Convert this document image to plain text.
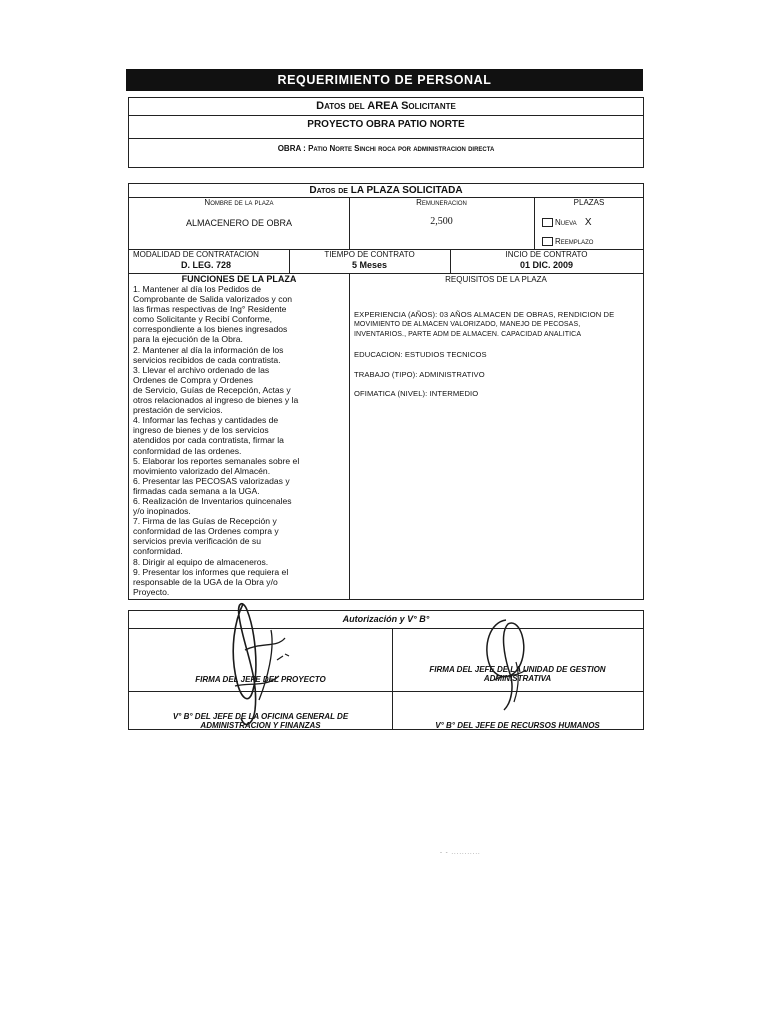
REQUERIMIENTO DE PERSONAL
Datos del AREA Solicitante
PROYECTO OBRA PATIO NORTE
OBRA : Patio Norte Sinchi roca por administracion directa
Datos de LA PLAZA SOLICITADA
Nombre de la plaza
ALMACENERO DE OBRA
Remuneracion
2,500
PLAZAS
Nueva X
Reemplazo
MODALIDAD DE CONTRATACION
D. LEG. 728
TIEMPO DE CONTRATO
5 Meses
INCIO DE CONTRATO
01 DIC. 2009
FUNCIONES DE LA PLAZA
1. Mantener al día los Pedidos de
Comprobante de Salida valorizados y con
las firmas respectivas de Ing° Residente
como Solicitante y Recibí Conforme,
correspondiente a los bienes ingresados
para la ejecución de la Obra.
2. Mantener al día la información de los
servicios recibidos de cada contratista.
3. Llevar el archivo ordenado de las
Ordenes de Compra y Ordenes
de Servicio, Guías de Recepción, Actas y
otros relacionados al ingreso de bienes y la
prestación de servicios.
4. Informar las fechas y cantidades de
ingreso de bienes y de los servicios
atendidos por cada contratista, firmar la
conformidad de las ordenes.
5. Elaborar los reportes semanales sobre el
movimiento valorizado del Almacén.
6. Presentar las PECOSAS valorizadas y
firmadas cada semana a la UGA.
6. Realización de Inventarios quincenales
y/o inopinados.
7. Firma de las Guías de Recepción y
conformidad de las Ordenes compra y
servicios previa verificación de su
conformidad.
8. Dirigir al equipo de almaceneros.
9. Presentar los informes que requiera el
responsable de la UGA de la Obra y/o
Proyecto.
REQUISITOS DE LA PLAZA
EXPERIENCIA (AÑOS): 03 AÑOS ALMACEN DE OBRAS, RENDICION DE
MOVIMIENTO DE ALMACEN VALORIZADO, MANEJO DE PECOSAS,
INVENTARIOS., PARTE ADM DE ALMACEN. CAPACIDAD ANALITICA
EDUCACION: ESTUDIOS TECNICOS
TRABAJO (TIPO): ADMINISTRATIVO
OFIMATICA (NIVEL): INTERMEDIO
Autorización y V° B°
FIRMA DEL JEFE DEL PROYECTO
FIRMA DEL JEFE DE LA UNIDAD DE GESTION
ADMINISTRATIVA
V° B° DEL JEFE DE LA OFICINA GENERAL DE
ADMINISTRACION Y FINANZAS	V° B° DEL JEFE DE RECURSOS HUMANOS
- - ...........
